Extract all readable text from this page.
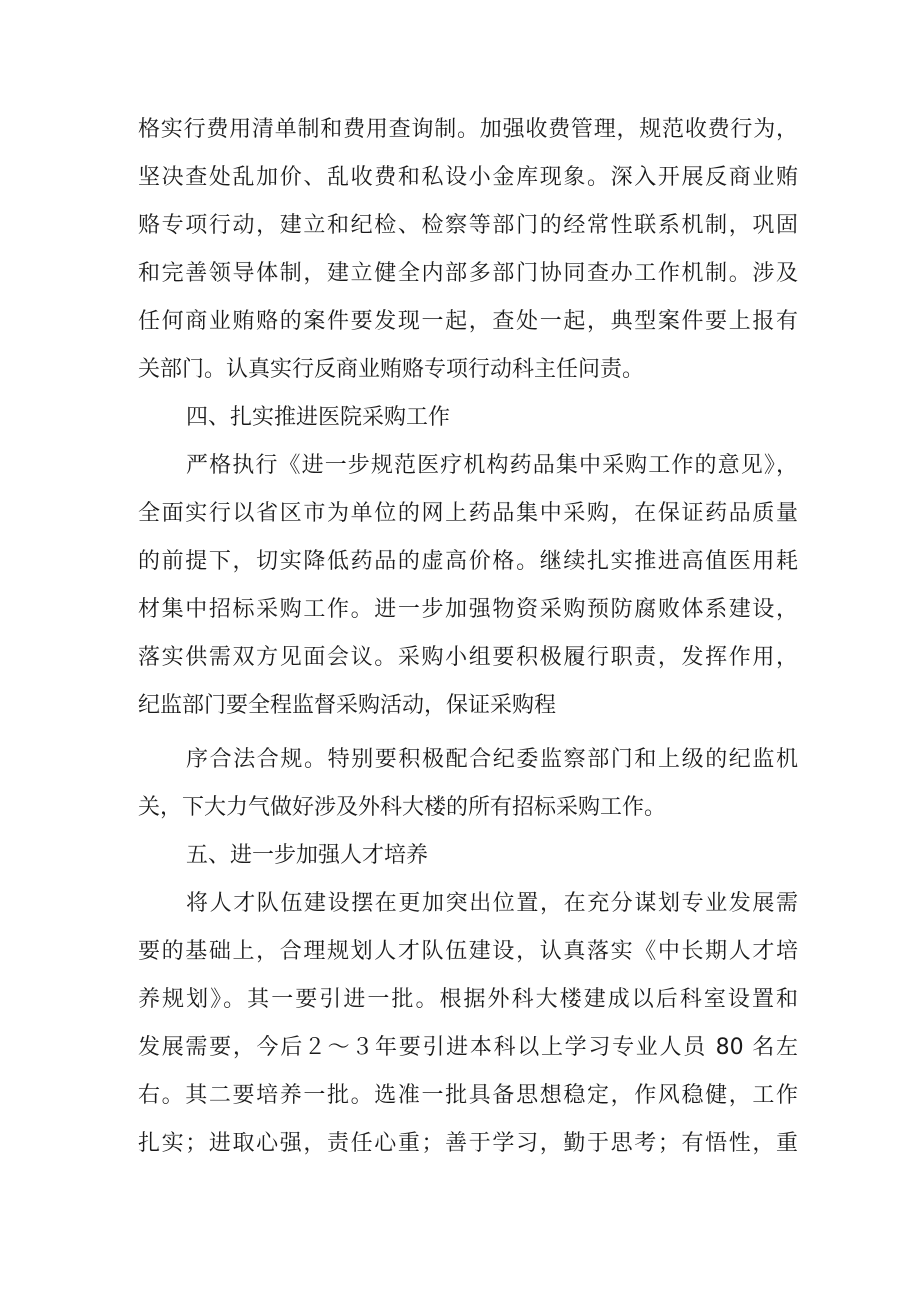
格实行费用清单制和费用查询制。加强收费管理，规范收费行为，
坚决查处乱加价、乱收费和私设小金库现象。深入开展反商业贿
赂专项行动，建立和纪检、检察等部门的经常性联系机制，巩固
和完善领导体制，建立健全内部多部门协同查办工作机制。涉及
任何商业贿赂的案件要发现一起，查处一起，典型案件要上报有
关部门。认真实行反商业贿赂专项行动科主任问责。
四、扎实推进医院采购工作
严格执行《进一步规范医疗机构药品集中采购工作的意见》，
全面实行以省区市为单位的网上药品集中采购，在保证药品质量
的前提下，切实降低药品的虚高价格。继续扎实推进高值医用耗
材集中招标采购工作。进一步加强物资采购预防腐败体系建设，
落实供需双方见面会议。采购小组要积极履行职责，发挥作用，
纪监部门要全程监督采购活动，保证采购程
序合法合规。特别要积极配合纪委监察部门和上级的纪监机
关，下大力气做好涉及外科大楼的所有招标采购工作。
五、进一步加强人才培养
将人才队伍建设摆在更加突出位置，在充分谋划专业发展需
要的基础上，合理规划人才队伍建设，认真落实《中长期人才培
养规划》。其一要引进一批。根据外科大楼建成以后科室设置和
发展需要，今后２～３年要引进本科以上学习专业人员 80 名左
右。其二要培养一批。选准一批具备思想稳定，作风稳健，工作
扎实；进取心强，责任心重；善于学习，勤于思考；有悟性，重
